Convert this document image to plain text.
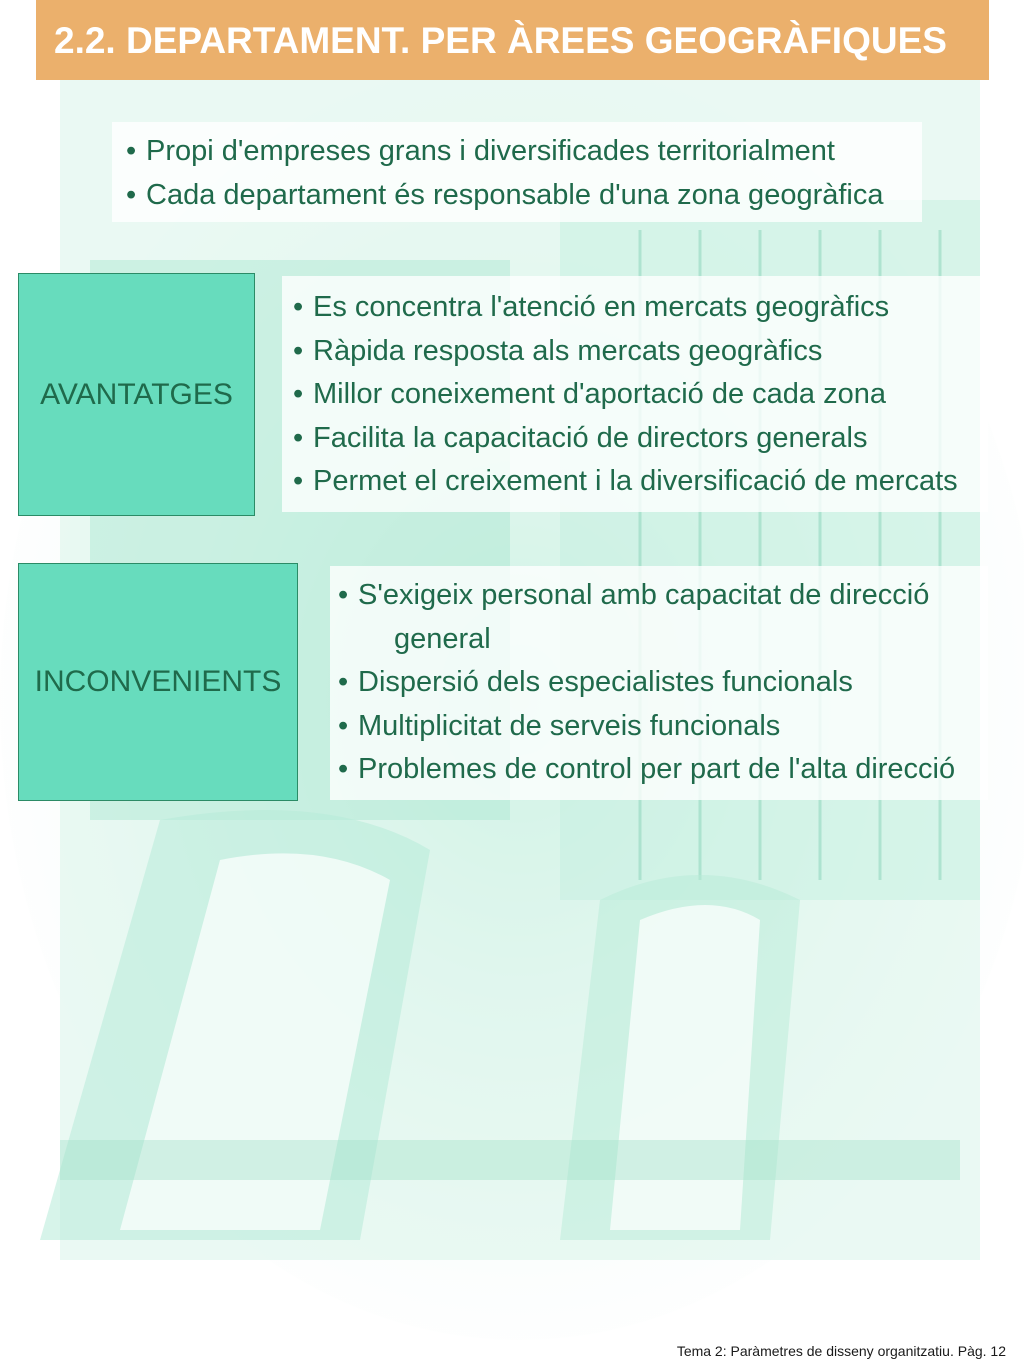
2.2. DEPARTAMENT. PER ÀREES GEOGRÀFIQUES
• Propi d'empreses grans i diversificades territorialment
• Cada departament és responsable d'una zona geogràfica
AVANTATGES
• Es concentra l'atenció en mercats geogràfics
• Ràpida resposta als mercats geogràfics
• Millor coneixement d'aportació de cada zona
• Facilita la capacitació de directors generals
• Permet el creixement i la diversificació de mercats
INCONVENIENTS
• S'exigeix personal amb capacitat de direcció
general
• Dispersió dels especialistes funcionals
• Multiplicitat de serveis funcionals
• Problemes de control per part de l'alta direcció
Tema 2: Paràmetres de disseny organitzatiu. Pàg. 12
